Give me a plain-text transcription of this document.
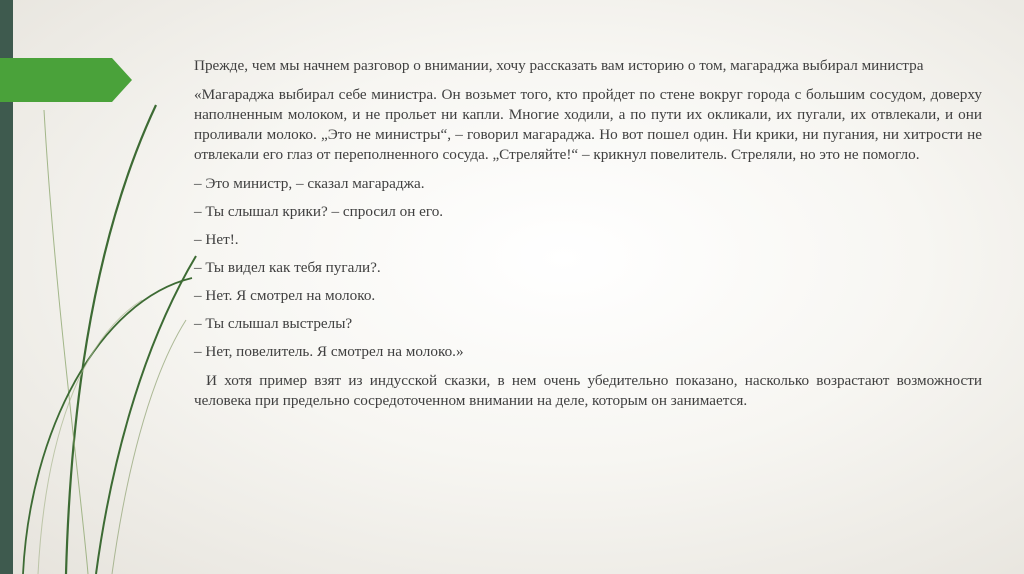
Прежде, чем мы начнем разговор о внимании, хочу рассказать вам историю о том, магараджа выбирал министра

«Магараджа выбирал себе министра. Он возьмет того, кто пройдет по стене вокруг города с большим сосудом, доверху наполненным молоком, и не прольет ни капли. Многие ходили, а по пути их окликали, их пугали, их отвлекали, и они проливали молоко. „Это не министры“, – говорил магараджа. Но вот пошел один. Ни крики, ни пугания, ни хитрости не отвлекали его глаз от переполненного сосуда. „Стреляйте!“ – крикнул повелитель. Стреляли, но это не помогло.

– Это министр, – сказал магараджа.

– Ты слышал крики? – спросил он его.

– Нет!.

– Ты видел как тебя пугали?.

– Нет. Я смотрел на молоко.

– Ты слышал выстрелы?

– Нет, повелитель. Я смотрел на молоко.»

И хотя пример взят из индусской сказки, в нем очень убедительно показано, насколько возрастают возможности человека при предельно сосредоточенном внимании на деле, которым он занимается.
